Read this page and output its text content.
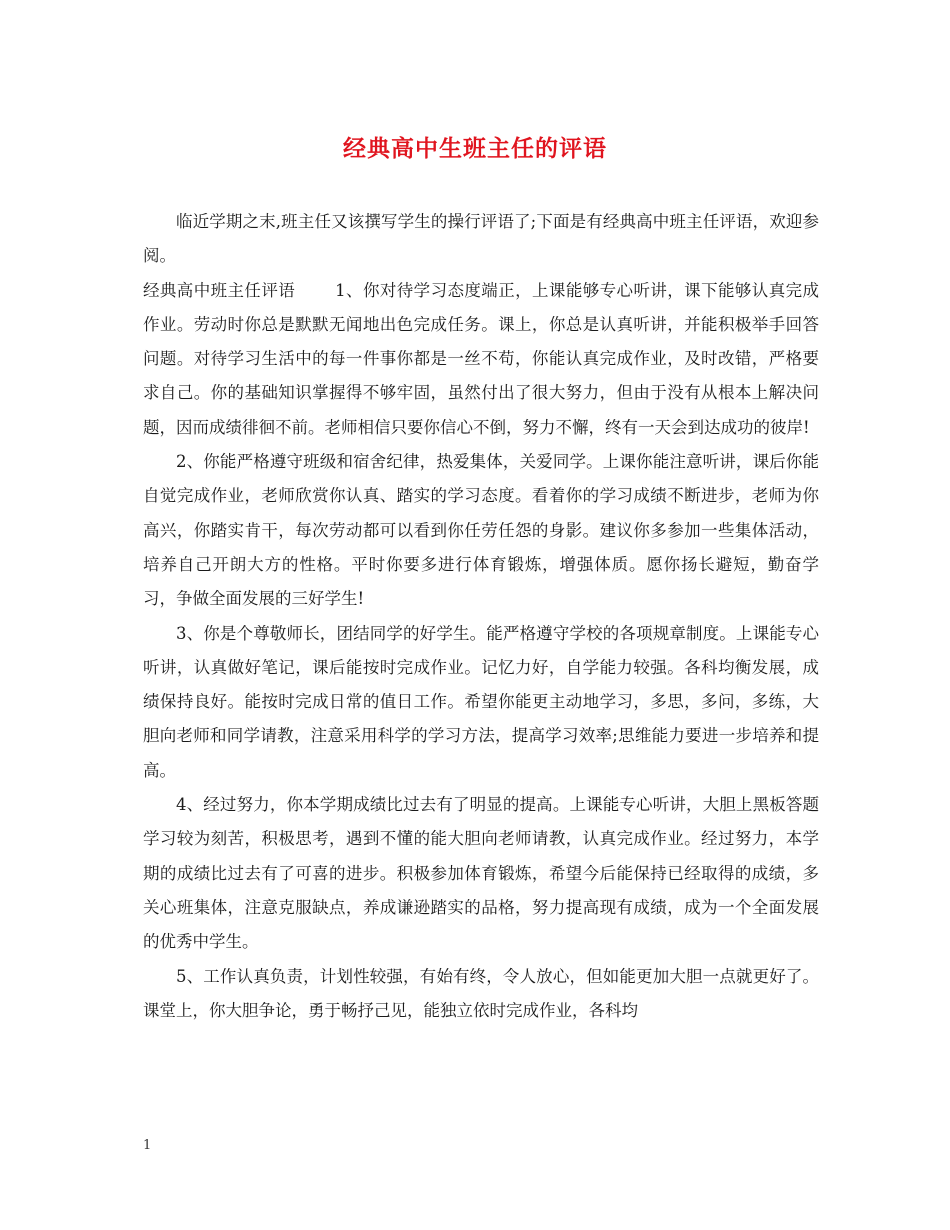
经典高中生班主任的评语

临近学期之末,班主任又该撰写学生的操行评语了;下面是有经典高中班主任评语，欢迎参阅。

经典高中班主任评语 1、你对待学习态度端正，上课能够专心听讲，课下能够认真完成作业。劳动时你总是默默无闻地出色完成任务。课上，你总是认真听讲，并能积极举手回答问题。对待学习生活中的每一件事你都是一丝不苟，你能认真完成作业，及时改错，严格要求自己。你的基础知识掌握得不够牢固，虽然付出了很大努力，但由于没有从根本上解决问题，因而成绩徘徊不前。老师相信只要你信心不倒，努力不懈，终有一天会到达成功的彼岸!

2、你能严格遵守班级和宿舍纪律，热爱集体，关爱同学。上课你能注意听讲，课后你能自觉完成作业，老师欣赏你认真、踏实的学习态度。看着你的学习成绩不断进步，老师为你高兴，你踏实肯干，每次劳动都可以看到你任劳任怨的身影。建议你多参加一些集体活动，培养自己开朗大方的性格。平时你要多进行体育锻炼，增强体质。愿你扬长避短，勤奋学习，争做全面发展的三好学生!

3、你是个尊敬师长，团结同学的好学生。能严格遵守学校的各项规章制度。上课能专心听讲，认真做好笔记，课后能按时完成作业。记忆力好，自学能力较强。各科均衡发展，成绩保持良好。能按时完成日常的值日工作。希望你能更主动地学习，多思，多问，多练，大胆向老师和同学请教，注意采用科学的学习方法，提高学习效率;思维能力要进一步培养和提高。

4、经过努力，你本学期成绩比过去有了明显的提高。上课能专心听讲，大胆上黑板答题学习较为刻苦，积极思考，遇到不懂的能大胆向老师请教，认真完成作业。经过努力，本学期的成绩比过去有了可喜的进步。积极参加体育锻炼，希望今后能保持已经取得的成绩，多关心班集体，注意克服缺点，养成谦逊踏实的品格，努力提高现有成绩，成为一个全面发展的优秀中学生。

5、工作认真负责，计划性较强，有始有终，令人放心，但如能更加大胆一点就更好了。课堂上，你大胆争论，勇于畅抒己见，能独立依时完成作业，各科均

1
